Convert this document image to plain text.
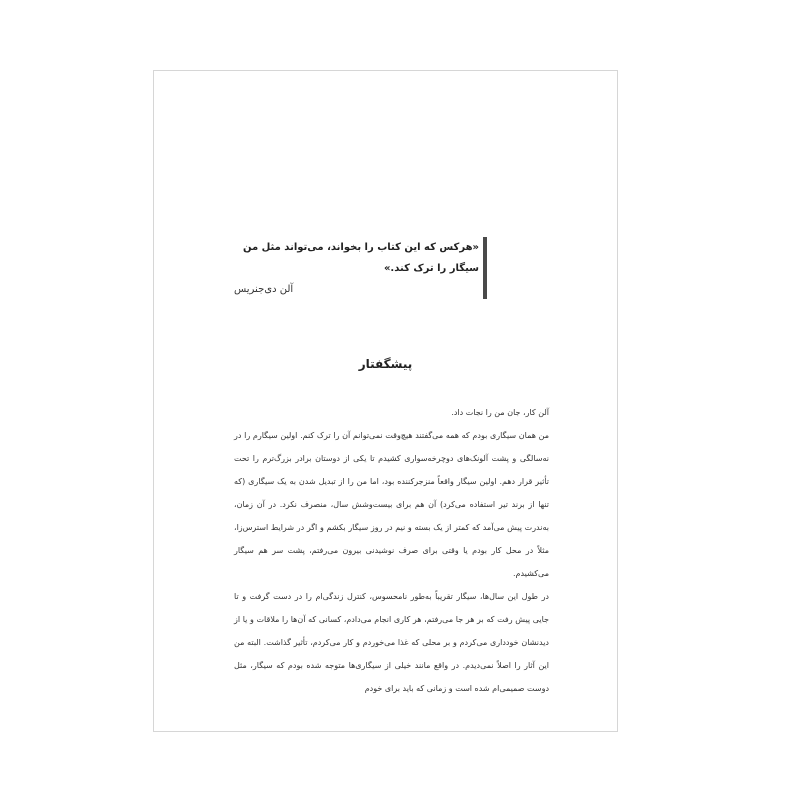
«هرکس که این کتاب را بخواند، می‌تواند مثل من سیگار را ترک کند.»

آلن دی‌جنریس

پیشگفتار

آلن کار، جان من را نجات داد.

من همان سیگاری بودم که همه می‌گفتند هیچ‌وقت نمی‌توانم آن را ترک کنم. اولین سیگارم را در نه‌سالگی و پشت آلونک‌های دوچرخه‌سواری کشیدم تا یکی از دوستان برادر بزرگ‌ترم را تحت تأثیر قرار دهم. اولین سیگار واقعاً منزجرکننده بود، اما من را از تبدیل شدن به یک سیگاری (که تنها از برند تیر استفاده می‌کرد) آن هم برای بیست‌وشش سال، منصرف نکرد. در آن زمان، به‌ندرت پیش می‌آمد که کمتر از یک بسته و نیم در روز سیگار بکشم و اگر در شرایط استرس‌زا، مثلاً در محل کار بودم یا وقتی برای صرف نوشیدنی بیرون می‌رفتم، پشت سر هم سیگار می‌کشیدم.

در طول این سال‌ها، سیگار تقریباً به‌طور نامحسوس، کنترل زندگی‌ام را در دست گرفت و تا جایی پیش رفت که بر هر جا می‌رفتم، هر کاری انجام می‌دادم، کسانی که آن‌ها را ملاقات و یا از دیدنشان خودداری می‌کردم و بر محلی که غذا می‌خوردم و کار می‌کردم، تأثیر گذاشت. البته من این آثار را اصلاً نمی‌دیدم. در واقع مانند خیلی از سیگاری‌ها متوجه شده بودم که سیگار، مثل دوست صمیمی‌ام شده است و زمانی که باید برای خودم
